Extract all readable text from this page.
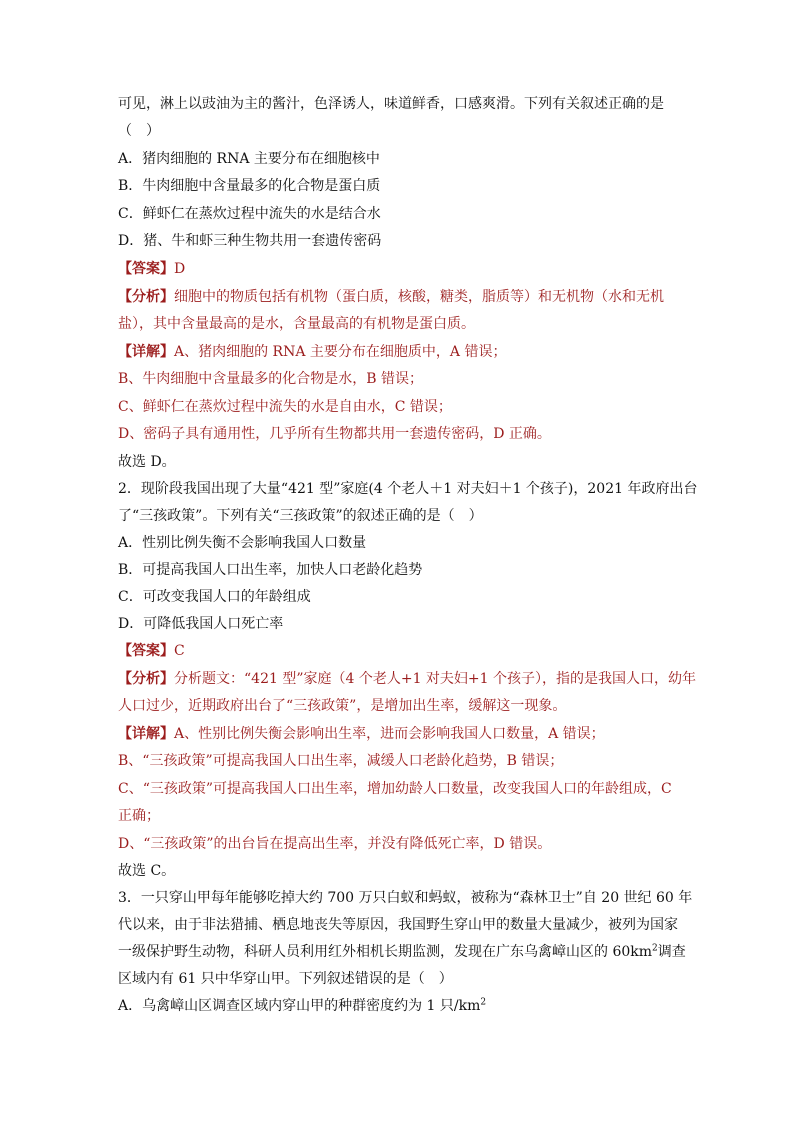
可见，淋上以豉油为主的酱汁，色泽诱人，味道鲜香，口感爽滑。下列有关叙述正确的是
（　）
A．猪肉细胞的 RNA 主要分布在细胞核中
B．牛肉细胞中含量最多的化合物是蛋白质
C．鲜虾仁在蒸炊过程中流失的水是结合水
D．猪、牛和虾三种生物共用一套遗传密码
【答案】D
【分析】细胞中的物质包括有机物（蛋白质，核酸，糖类，脂质等）和无机物（水和无机
盐），其中含量最高的是水，含量最高的有机物是蛋白质。
【详解】A、猪肉细胞的 RNA 主要分布在细胞质中，A 错误；
B、牛肉细胞中含量最多的化合物是水，B 错误；
C、鲜虾仁在蒸炊过程中流失的水是自由水，C 错误；
D、密码子具有通用性，几乎所有生物都共用一套遗传密码，D 正确。
故选 D。
2．现阶段我国出现了大量“421 型”家庭(4 个老人＋1 对夫妇＋1 个孩子)，2021 年政府出台
了“三孩政策”。下列有关“三孩政策”的叙述正确的是（　）
A．性别比例失衡不会影响我国人口数量
B．可提高我国人口出生率，加快人口老龄化趋势
C．可改变我国人口的年龄组成
D．可降低我国人口死亡率
【答案】C
【分析】分析题文：“421 型”家庭（4 个老人+1 对夫妇+1 个孩子），指的是我国人口，幼年
人口过少，近期政府出台了“三孩政策”，是增加出生率，缓解这一现象。
【详解】A、性别比例失衡会影响出生率，进而会影响我国人口数量，A 错误；
B、“三孩政策”可提高我国人口出生率，减缓人口老龄化趋势，B 错误；
C、“三孩政策”可提高我国人口出生率，增加幼龄人口数量，改变我国人口的年龄组成，C
正确；
D、“三孩政策”的出台旨在提高出生率，并没有降低死亡率，D 错误。
故选 C。
3．一只穿山甲每年能够吃掉大约 700 万只白蚁和蚂蚁，被称为“森林卫士”自 20 世纪 60 年
代以来，由于非法猎捕、栖息地丧失等原因，我国野生穿山甲的数量大量减少，被列为国家
一级保护野生动物，科研人员利用红外相机长期监测，发现在广东乌禽嶂山区的 $60km^2$调查
区域内有 61 只中华穿山甲。下列叙述错误的是（　）
A．乌禽嶂山区调查区域内穿山甲的种群密度约为 1 只$/km^2$
